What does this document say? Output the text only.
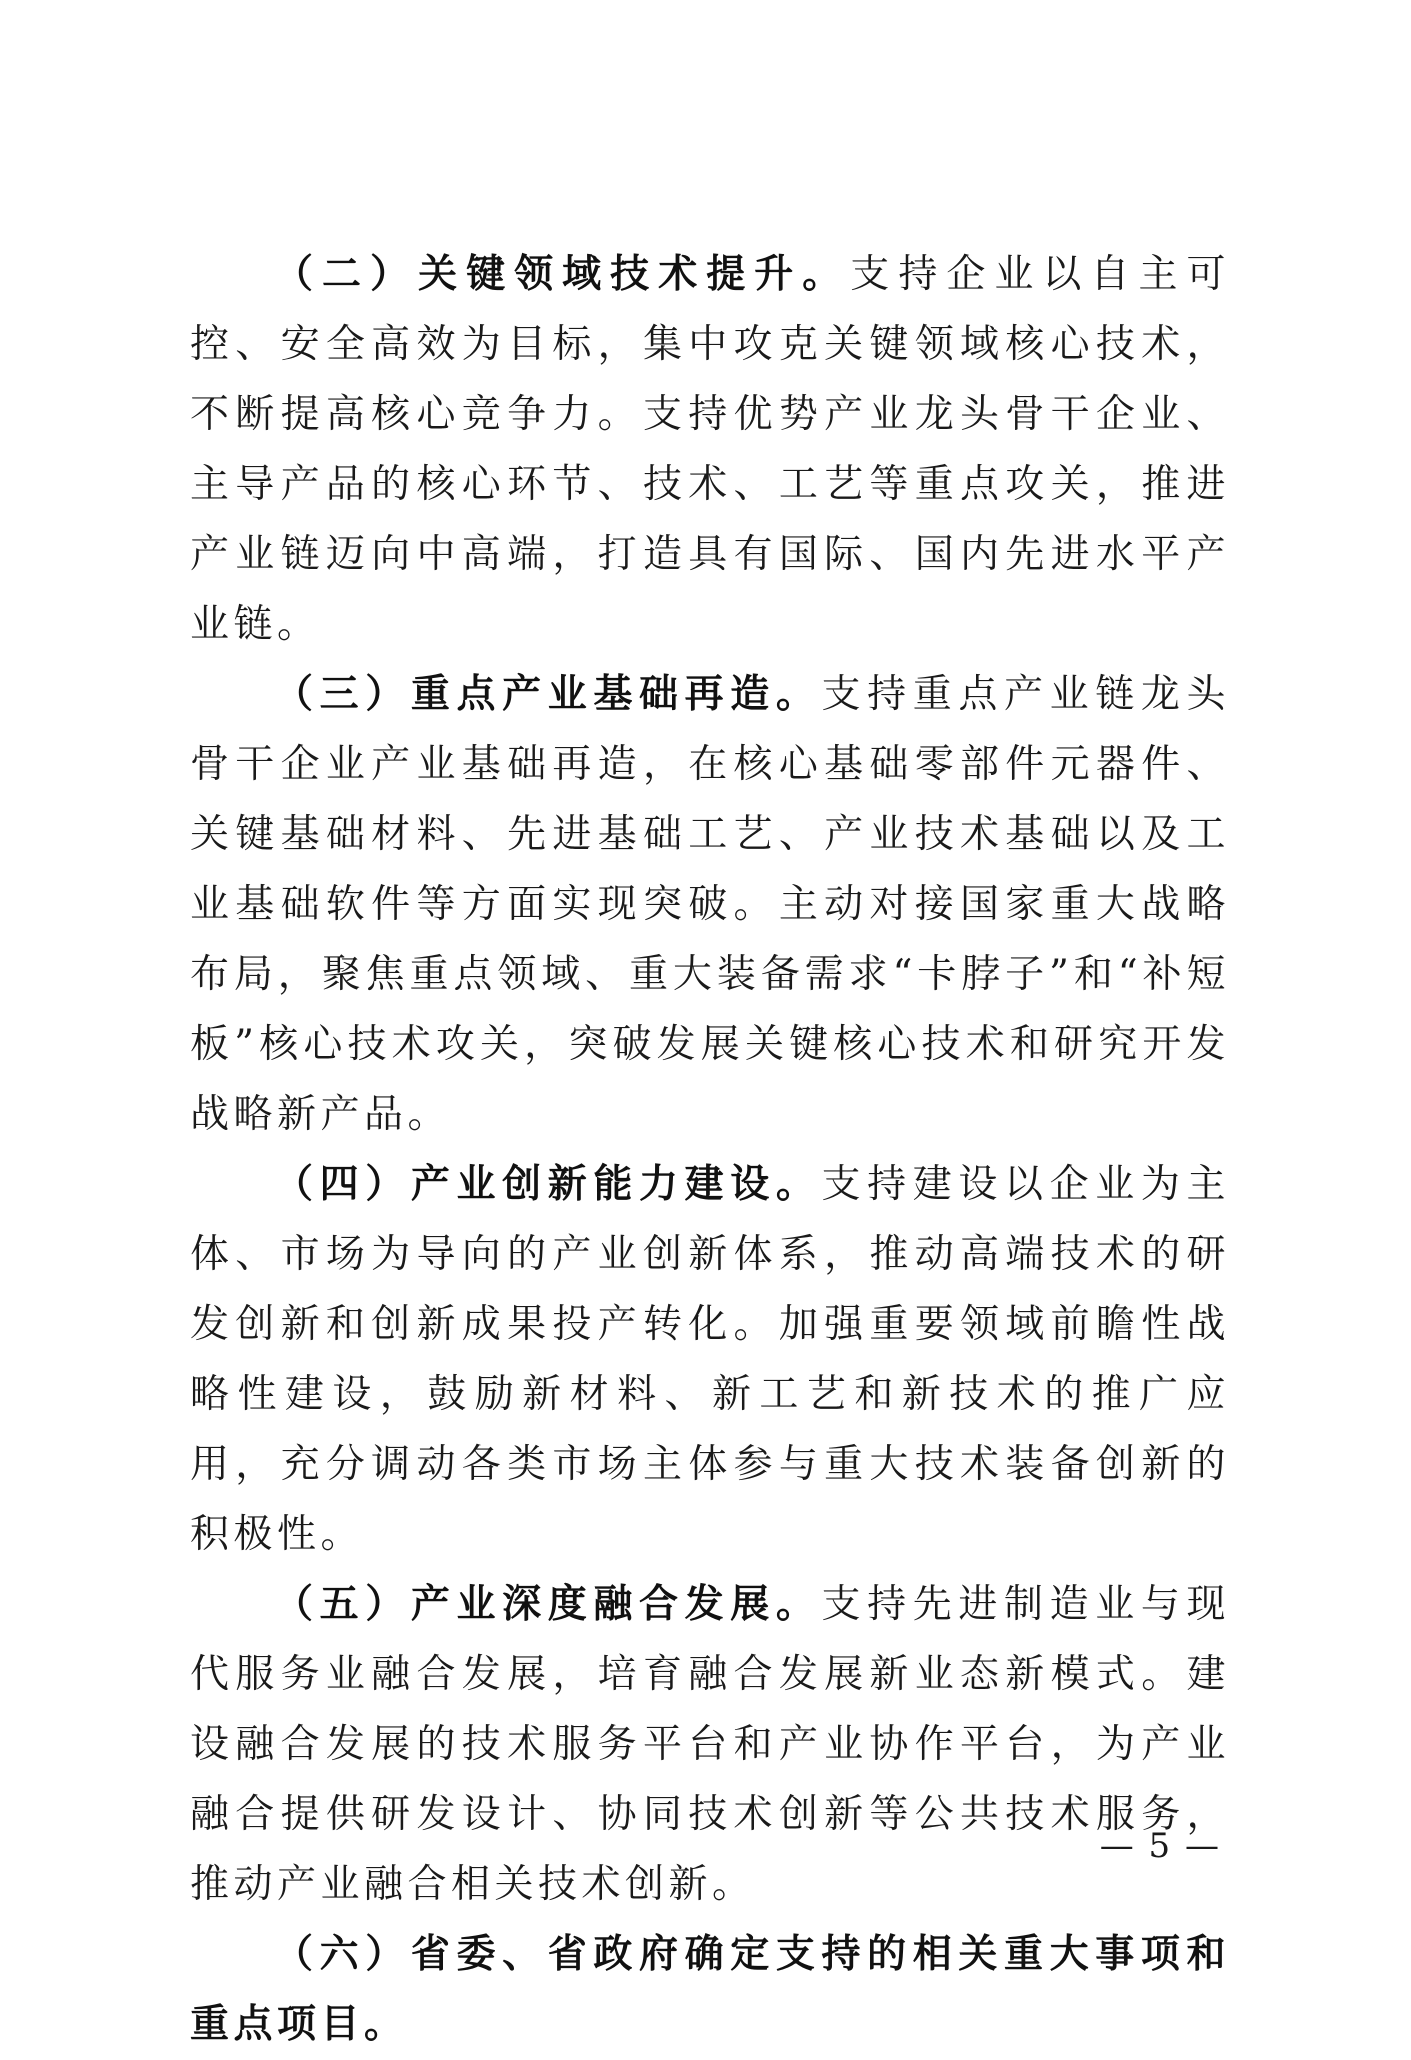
（二）关键领域技术提升。支持企业以自主可控、安全高效为目标，集中攻克关键领域核心技术，不断提高核心竞争力。支持优势产业龙头骨干企业、主导产品的核心环节、技术、工艺等重点攻关，推进产业链迈向中高端，打造具有国际、国内先进水平产业链。

（三）重点产业基础再造。支持重点产业链龙头骨干企业产业基础再造，在核心基础零部件元器件、关键基础材料、先进基础工艺、产业技术基础以及工业基础软件等方面实现突破。主动对接国家重大战略布局，聚焦重点领域、重大装备需求“卡脖子”和“补短板”核心技术攻关，突破发展关键核心技术和研究开发战略新产品。

（四）产业创新能力建设。支持建设以企业为主体、市场为导向的产业创新体系，推动高端技术的研发创新和创新成果投产转化。加强重要领域前瞻性战略性建设，鼓励新材料、新工艺和新技术的推广应用，充分调动各类市场主体参与重大技术装备创新的积极性。

（五）产业深度融合发展。支持先进制造业与现代服务业融合发展，培育融合发展新业态新模式。建设融合发展的技术服务平台和产业协作平台，为产业融合提供研发设计、协同技术创新等公共技术服务，推动产业融合相关技术创新。

（六）省委、省政府确定支持的相关重大事项和重点项目。

— 5 —
